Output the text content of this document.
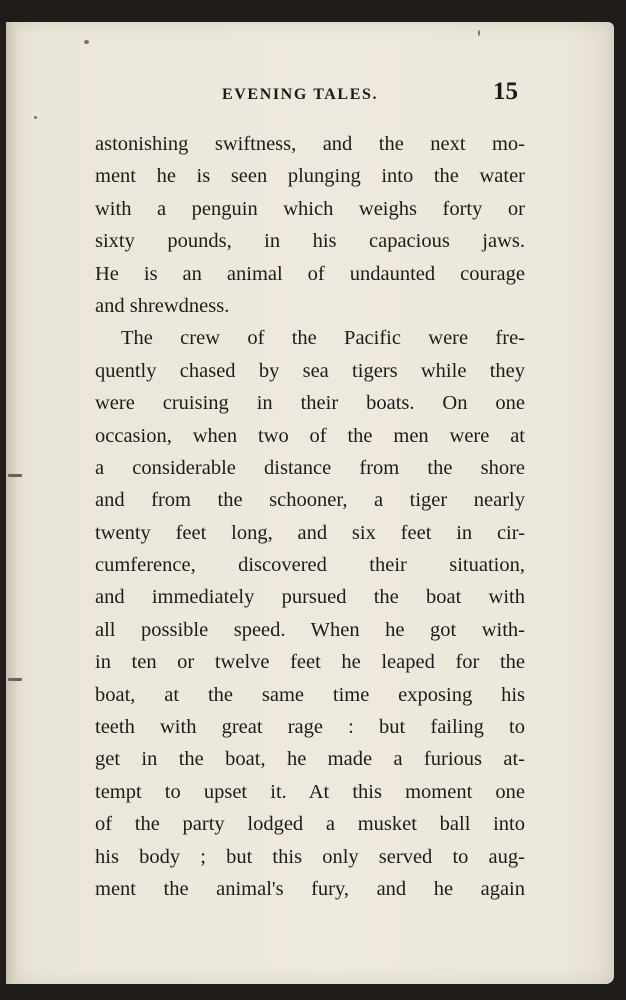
EVENING TALES.	15
astonishing swiftness, and the next mo-
ment he is seen plunging into the water
with a penguin which weighs forty or
sixty pounds, in his capacious jaws.
He is an animal of undaunted courage
and shrewdness.
The crew of the Pacific were fre-
quently chased by sea tigers while they
were cruising in their boats. On one
occasion, when two of the men were at
a considerable distance from the shore
and from the schooner, a tiger nearly
twenty feet long, and six feet in cir-
cumference, discovered their situation,
and immediately pursued the boat with
all possible speed. When he got with-
in ten or twelve feet he leaped for the
boat, at the same time exposing his
teeth with great rage : but failing to
get in the boat, he made a furious at-
tempt to upset it. At this moment one
of the party lodged a musket ball into
his body ; but this only served to aug-
ment the animal's fury, and he again
